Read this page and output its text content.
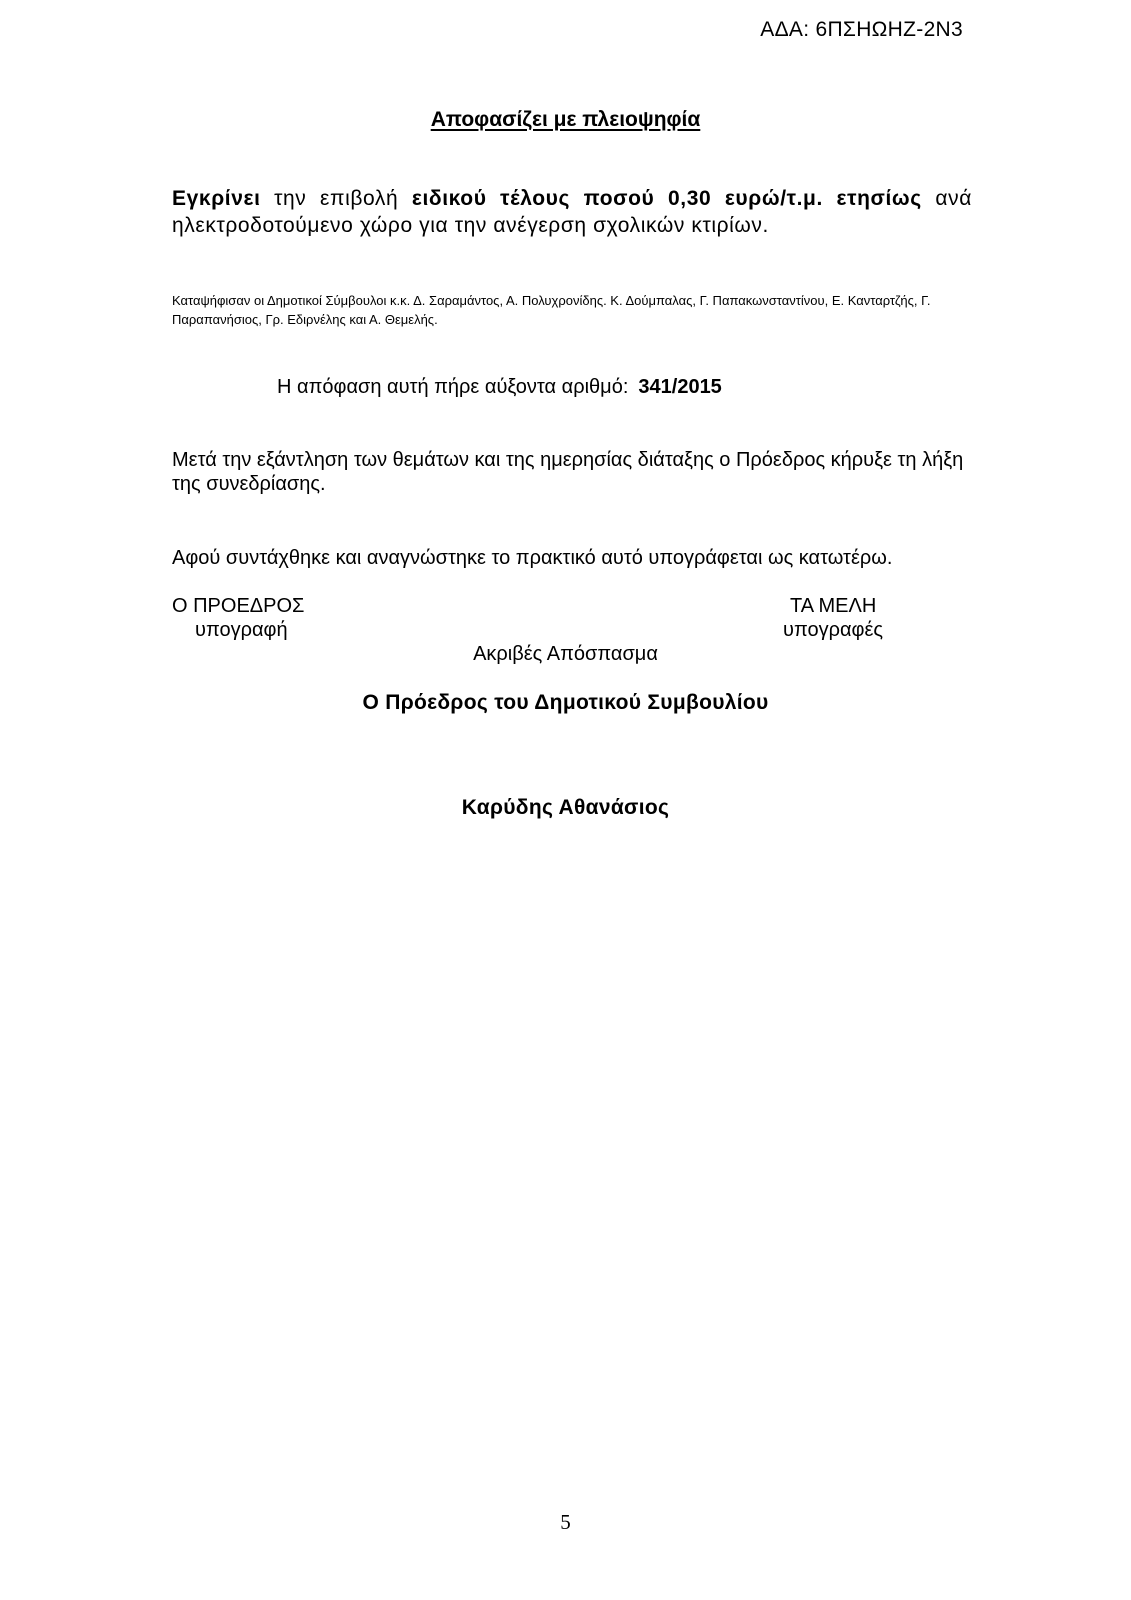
ΑΔΑ: 6ΠΣΗΩΗΖ-2Ν3
Αποφασίζει με πλειοψηφία
Εγκρίνει την επιβολή ειδικού τέλους ποσού 0,30 ευρώ/τ.μ. ετησίως ανά ηλεκτροδοτούμενο χώρο για την ανέγερση σχολικών κτιρίων.
Καταψήφισαν οι Δημοτικοί Σύμβουλοι κ.κ. Δ. Σαραμάντος, Α. Πολυχρονίδης. Κ. Δούμπαλας, Γ. Παπακωνσταντίνου, Ε. Κανταρτζής, Γ. Παραπανήσιος, Γρ. Εδιρνέλης και Α. Θεμελής.
Η απόφαση αυτή πήρε αύξοντα αριθμό: 341/2015
Μετά την εξάντληση των θεμάτων και της ημερησίας διάταξης ο Πρόεδρος κήρυξε τη λήξη της συνεδρίασης.
Αφού συντάχθηκε και αναγνώστηκε το πρακτικό αυτό υπογράφεται ως κατωτέρω.
Ο ΠΡΟΕΔΡΟΣ
υπογραφή
ΤΑ ΜΕΛΗ
υπογραφές
Ακριβές Απόσπασμα
Ο Πρόεδρος του Δημοτικού Συμβουλίου
Καρύδης Αθανάσιος
5
